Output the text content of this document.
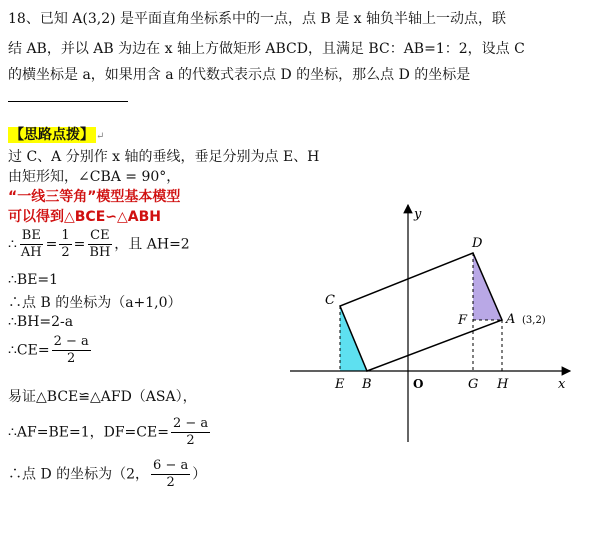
18、已知 A(3,2) 是平面直角坐标系中的一点，点 B 是 x 轴负半轴上一动点，联
结 AB，并以 AB 为边在 x 轴上方做矩形 ABCD，且满足 BC：AB=1：2，设点 C
的横坐标是 a，如果用含 a 的代数式表示点 D 的坐标，那么点 D 的坐标是
【思路点拨】 ↵
过 C、A 分别作 x 轴的垂线，垂足分别为点 E、H
由矩形知，∠CBA = 90°，
“一线三等角”模型基本模型
可以得到△BCE∽△ABH
∴ $\frac{BE}{AH} = \frac{1}{2} = \frac{CE}{BH}$ ，且 AH=2
∴BE=1
∴点 B 的坐标为（a+1,0）
∴BH=2-a
∴CE= $\frac{2 - a}{2}$
易证△BCE≌△AFD（ASA），
∴AF=BE=1，$DF=CE= \frac{2 - a}{2}$
∴点 D 的坐标为（2， $\frac{6 - a}{2}$ ）
y
x
O
C
D
A (3,2)
F
E B	G H
